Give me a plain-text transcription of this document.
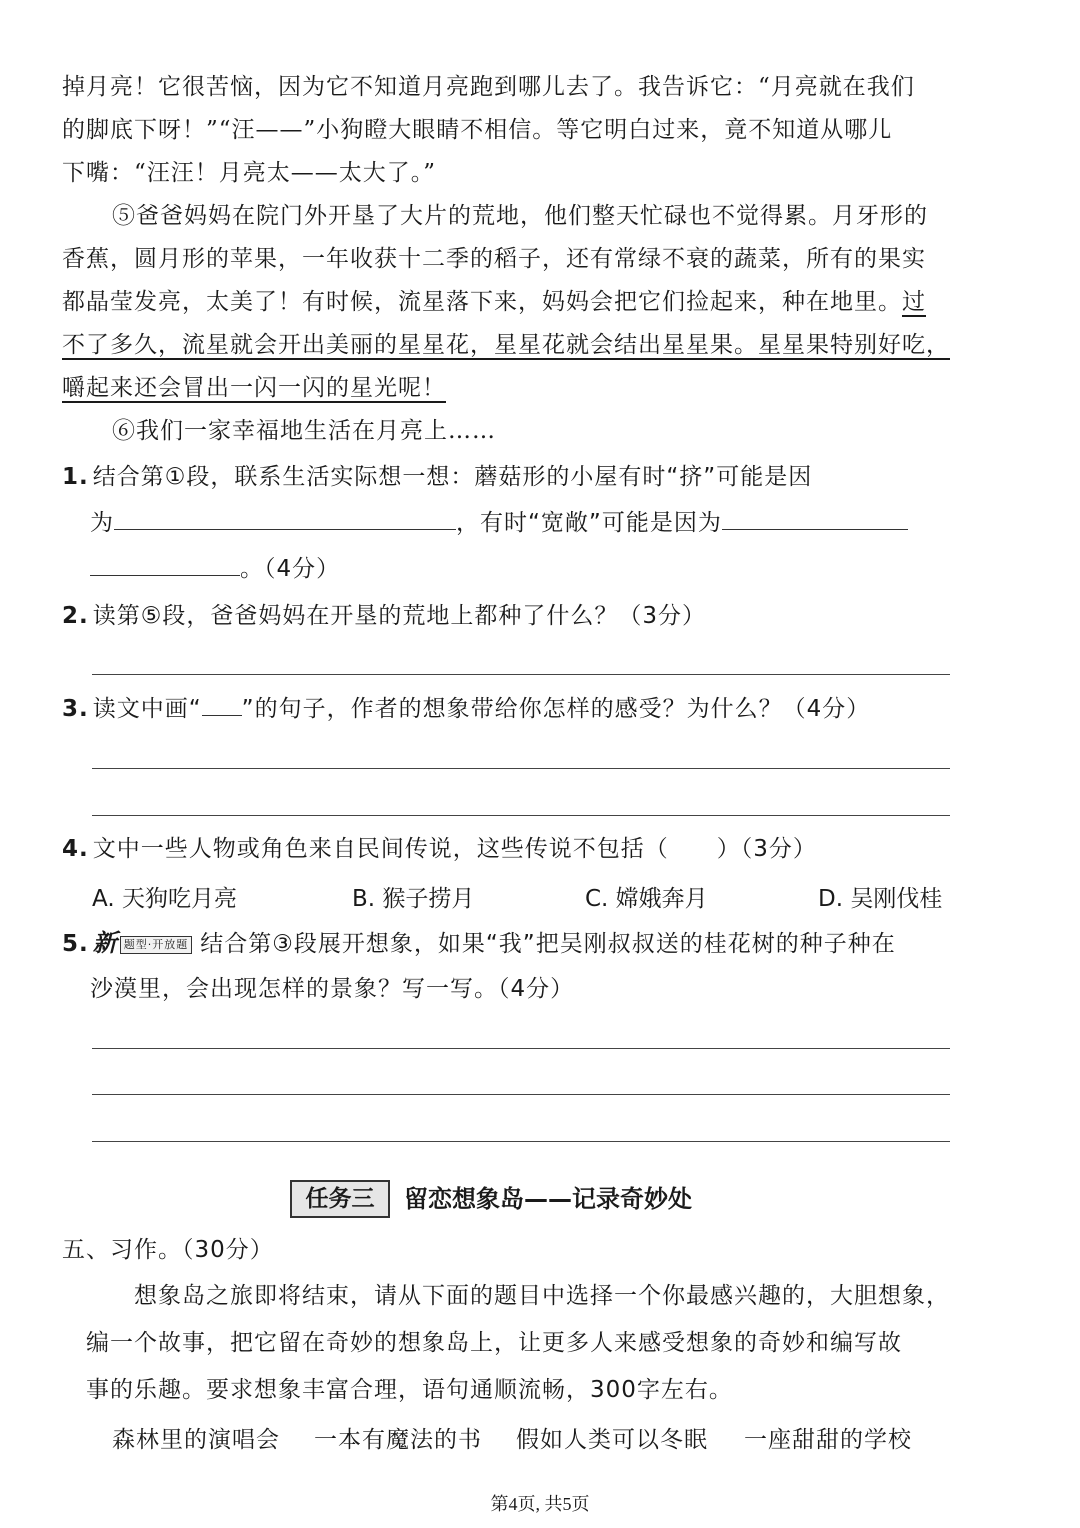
掉月亮！它很苦恼，因为它不知道月亮跑到哪儿去了。我告诉它：“月亮就在我们
的脚底下呀！”“汪——”小狗瞪大眼睛不相信。等它明白过来，竟不知道从哪儿
下嘴：“汪汪！月亮太——太大了。”
⑤爸爸妈妈在院门外开垦了大片的荒地，他们整天忙碌也不觉得累。月牙形的
香蕉，圆月形的苹果，一年收获十二季的稻子，还有常绿不衰的蔬菜，所有的果实
都晶莹发亮，太美了！有时候，流星落下来，妈妈会把它们捡起来，种在地里。过
不了多久，流星就会开出美丽的星星花，星星花就会结出星星果。星星果特别好吃，
嚼起来还会冒出一闪一闪的星光呢！
⑥我们一家幸福地生活在月亮上……
1. 结合第①段，联系生活实际想一想：蘑菇形的小屋有时“挤”可能是因
为	，有时“宽敞”可能是因为
。（4分）
2. 读第⑤段，爸爸妈妈在开垦的荒地上都种了什么？（3分）
3. 读文中画“ ”的句子，作者的想象带给你怎样的感受？为什么？（4分）
4. 文中一些人物或角色来自民间传说，这些传说不包括（　　）（3分）
A. 天狗吃月亮	B. 猴子捞月	C. 嫦娥奔月	D. 吴刚伐桂
5. 新 题型·开放题 结合第③段展开想象，如果“我”把吴刚叔叔送的桂花树的种子种在
沙漠里，会出现怎样的景象？写一写。（4分）
任务三	留恋想象岛——记录奇妙处
五、习作。（30分）
想象岛之旅即将结束，请从下面的题目中选择一个你最感兴趣的，大胆想象，
编一个故事，把它留在奇妙的想象岛上，让更多人来感受想象的奇妙和编写故
事的乐趣。要求想象丰富合理，语句通顺流畅，300字左右。
森林里的演唱会 一本有魔法的书 假如人类可以冬眠 一座甜甜的学校
第4页, 共5页
